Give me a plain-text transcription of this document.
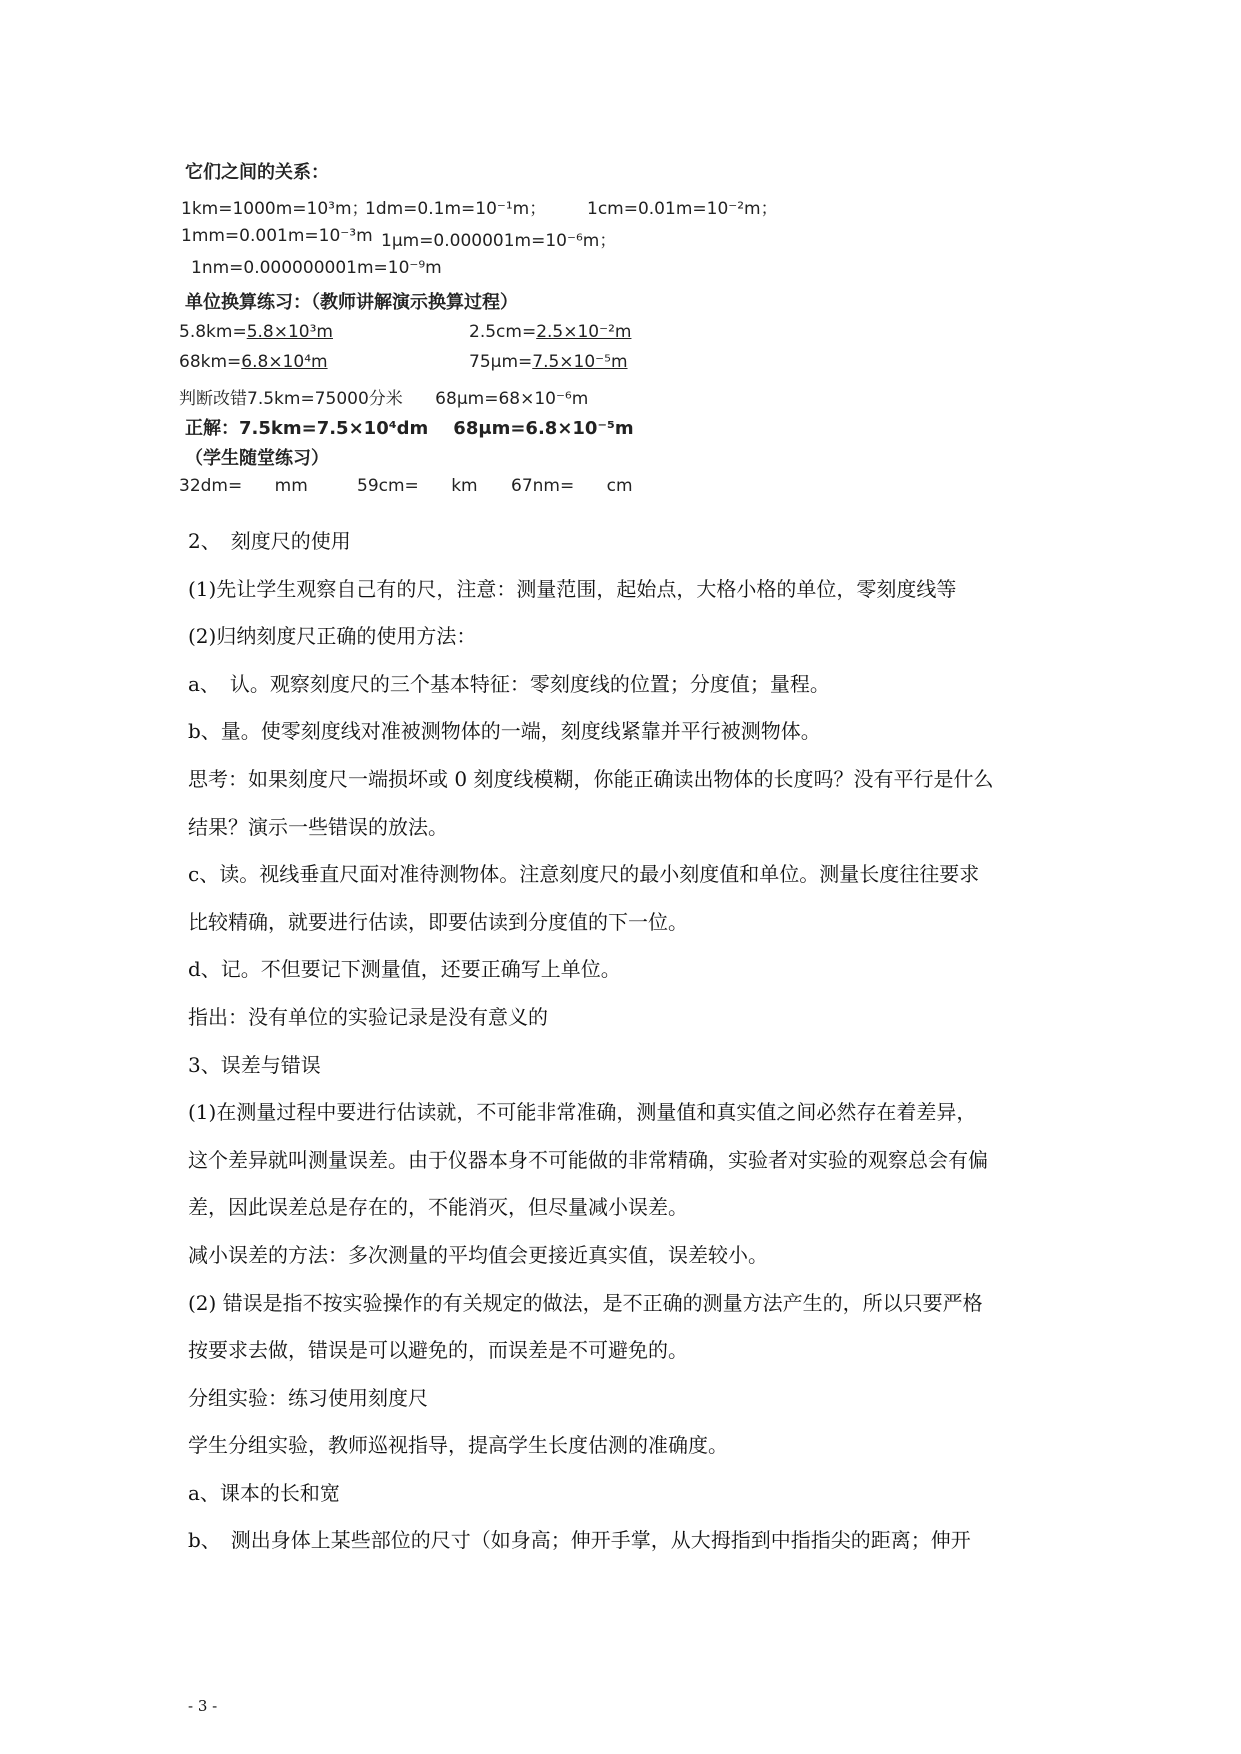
它们之间的关系：
1km=1000m=10³m；
1dm=0.1m=10⁻¹m； 1cm=0.01m=10⁻²m；
1mm=0.001m=10⁻³m 1μm=0.000001m=10⁻⁶m；
1nm=0.000000001m=10⁻⁹m
单位换算练习：（教师讲解演示换算过程）
5.8km=5.8×10³m	2.5cm=2.5×10⁻²m
68km=6.8×10⁴m	75μm=7.5×10⁻⁵m
判断改错7.5km=75000分米      68μm=68×10⁻⁶m
正解：7.5km=7.5×10⁴dm    68μm=6.8×10⁻⁵m
（学生随堂练习）
32dm=      mm	59cm=      km 67nm=      cm
2、　刻度尺的使用
(1)先让学生观察自己有的尺，注意：测量范围，起始点，大格小格的单位，零刻度线等
(2)归纳刻度尺正确的使用方法：
a、　认。观察刻度尺的三个基本特征：零刻度线的位置；分度值；量程。
b、量。使零刻度线对准被测物体的一端，刻度线紧靠并平行被测物体。
思考：如果刻度尺一端损坏或 0 刻度线模糊，你能正确读出物体的长度吗？没有平行是什么
结果？演示一些错误的放法。
c、读。视线垂直尺面对准待测物体。注意刻度尺的最小刻度值和单位。测量长度往往要求
比较精确，就要进行估读，即要估读到分度值的下一位。
d、记。不但要记下测量值，还要正确写上单位。
指出：没有单位的实验记录是没有意义的
3、误差与错误
(1)在测量过程中要进行估读就，不可能非常准确，测量值和真实值之间必然存在着差异，
这个差异就叫测量误差。由于仪器本身不可能做的非常精确，实验者对实验的观察总会有偏
差，因此误差总是存在的，不能消灭，但尽量减小误差。
减小误差的方法：多次测量的平均值会更接近真实值，误差较小。
(2) 错误是指不按实验操作的有关规定的做法，是不正确的测量方法产生的，所以只要严格
按要求去做，错误是可以避免的，而误差是不可避免的。
分组实验：练习使用刻度尺
学生分组实验，教师巡视指导，提高学生长度估测的准确度。
a、课本的长和宽
b、　测出身体上某些部位的尺寸（如身高；伸开手掌，从大拇指到中指指尖的距离；伸开
- 3 -
